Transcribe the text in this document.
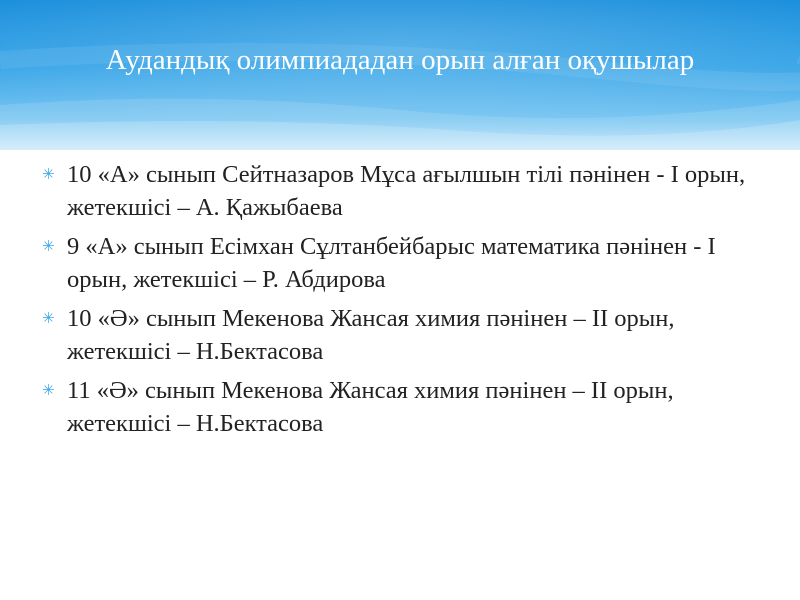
Аудандық олимпиададан орын алған оқушылар
✳ 10 «А» сынып Сейтназаров Мұса ағылшын тілі пәнінен - І орын, жетекшісі – А. Қажыбаева
✳ 9 «А» сынып Есімхан Сұлтанбейбарыс математика пәнінен - І орын, жетекшісі – Р. Абдирова
✳ 10 «Ә» сынып Мекенова Жансая химия пәнінен – ІІ орын, жетекшісі – Н.Бектасова
✳ 11 «Ә» сынып Мекенова Жансая химия пәнінен – ІІ орын, жетекшісі – Н.Бектасова
